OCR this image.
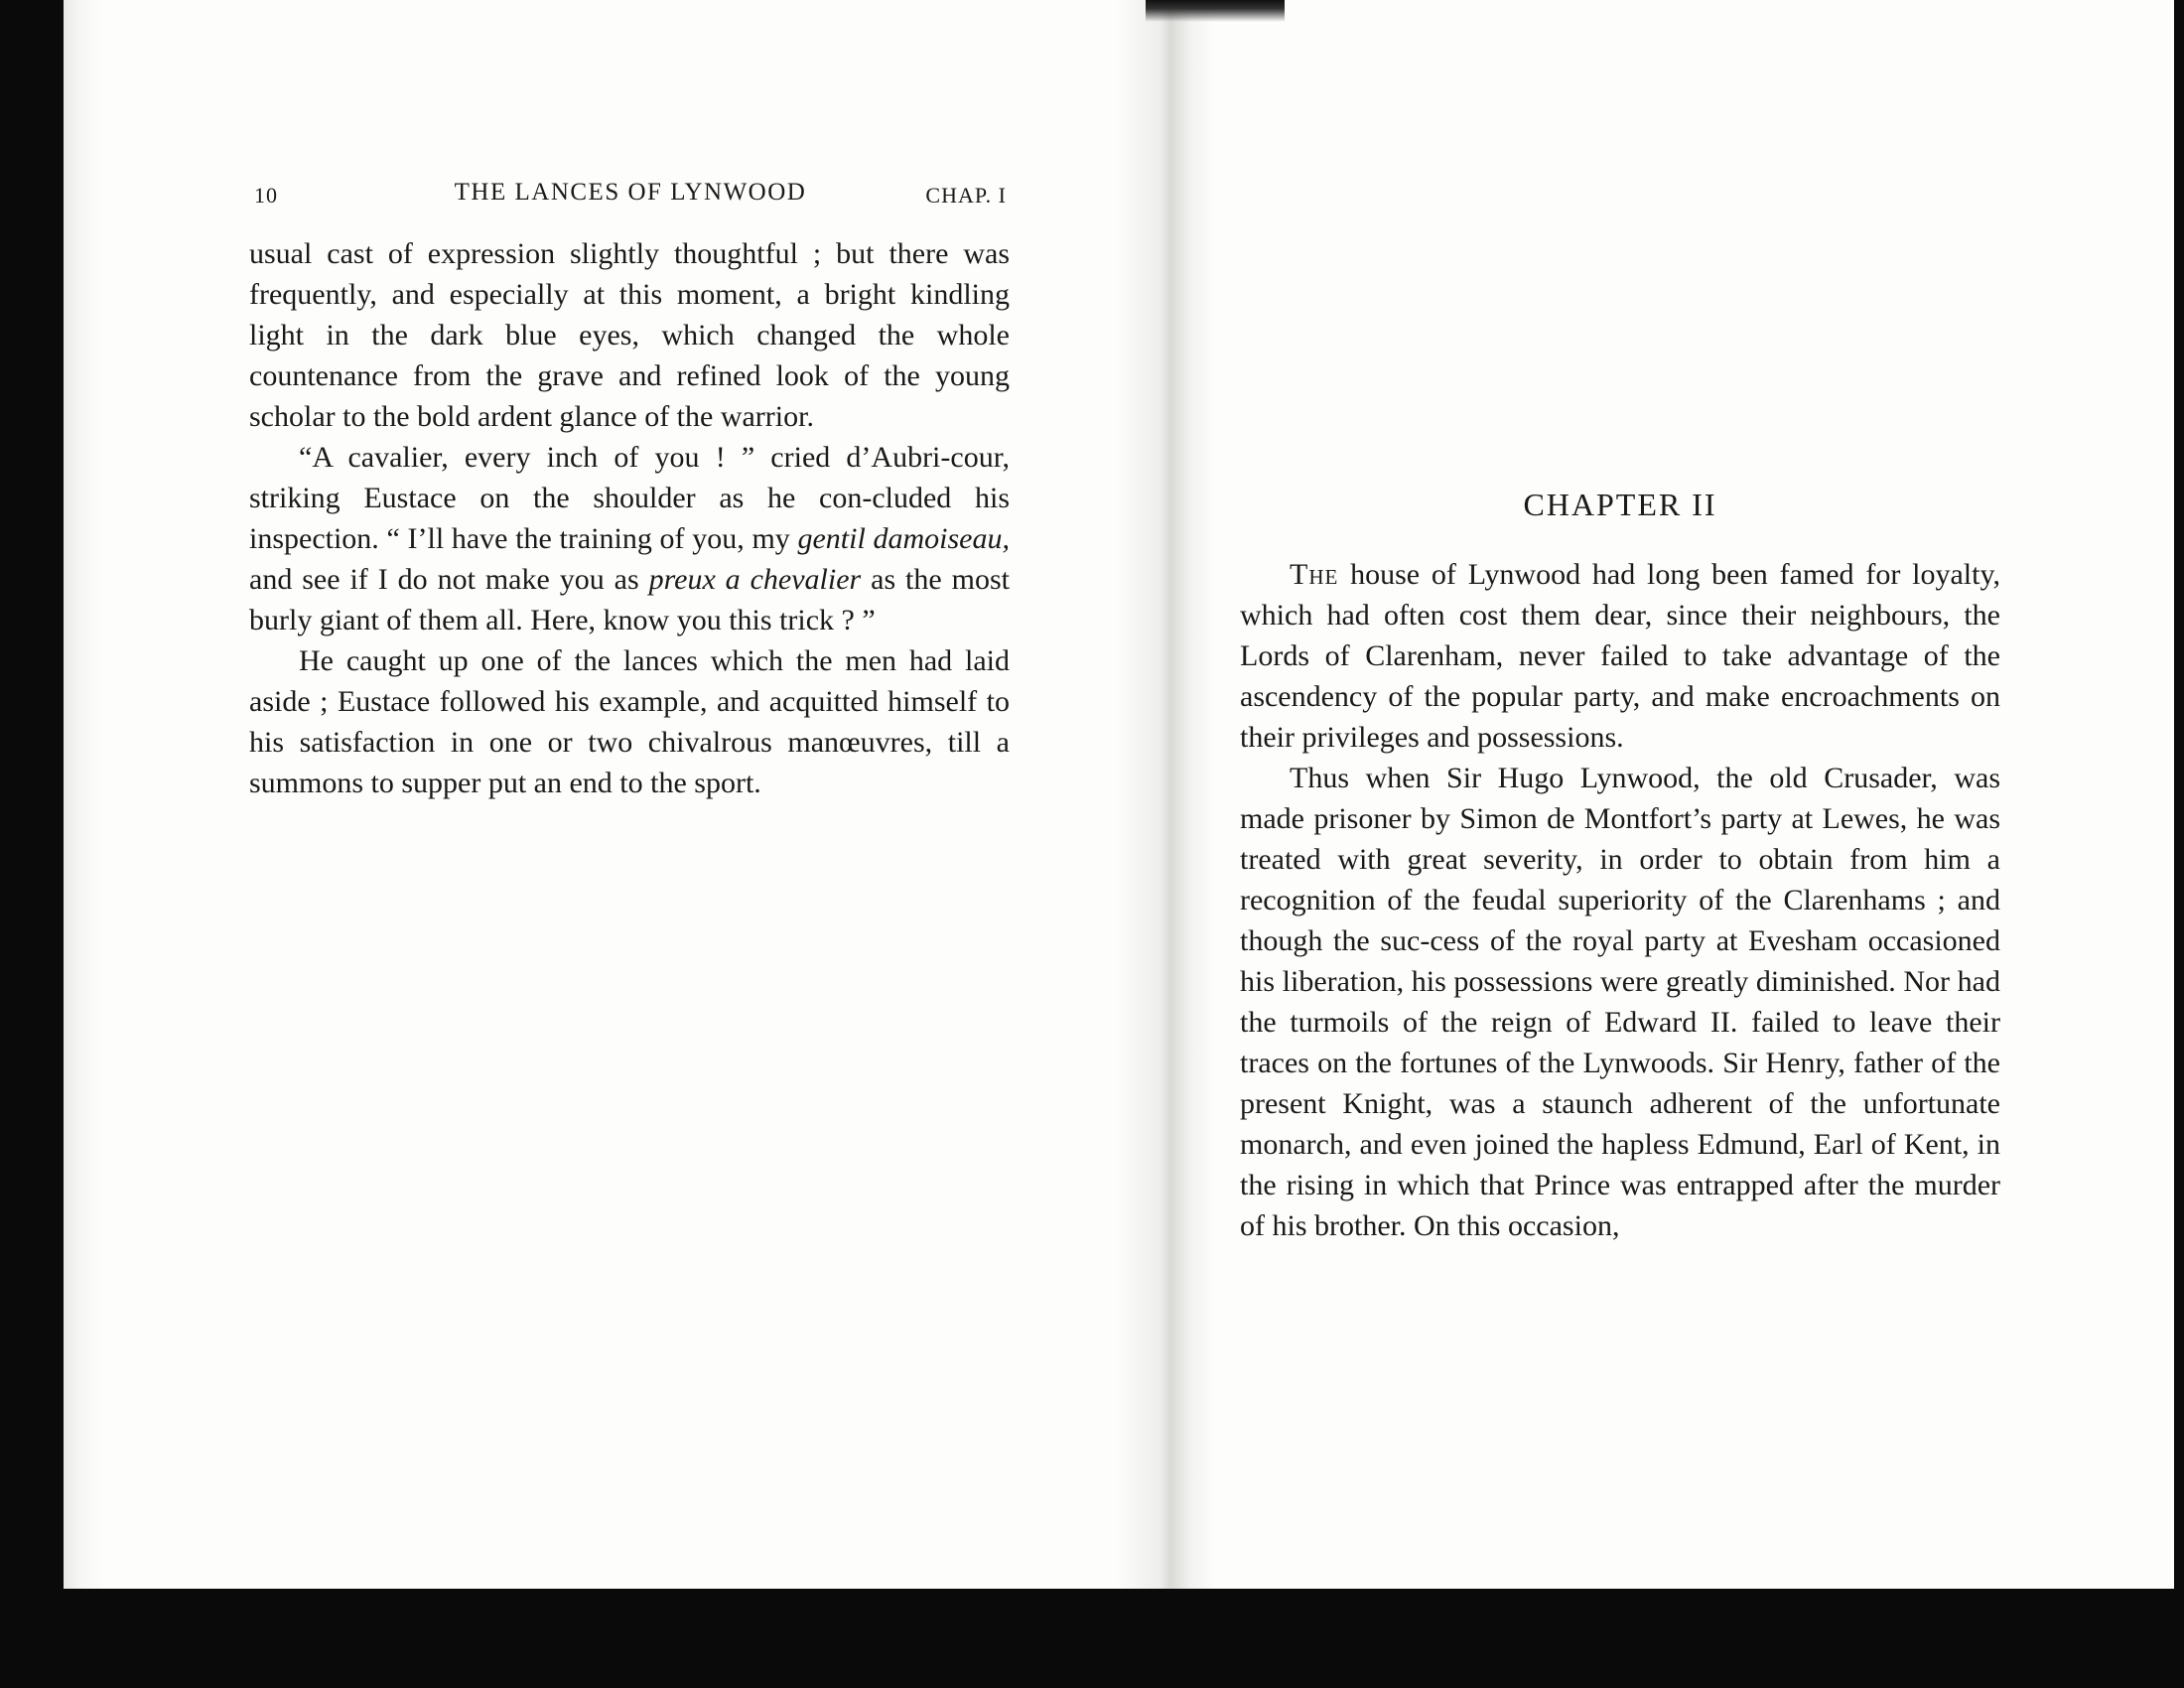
10	THE LANCES OF LYNWOOD	CHAP. I

usual cast of expression slightly thoughtful ; but there was frequently, and especially at this moment, a bright kindling light in the dark blue eyes, which changed the whole countenance from the grave and refined look of the young scholar to the bold ardent glance of the warrior.

“A cavalier, every inch of you ! ” cried d’Aubri-cour, striking Eustace on the shoulder as he con-cluded his inspection. “ I’ll have the training of you, my gentil damoiseau, and see if I do not make you as preux a chevalier as the most burly giant of them all. Here, know you this trick ? ”

He caught up one of the lances which the men had laid aside ; Eustace followed his example, and acquitted himself to his satisfaction in one or two chivalrous manœuvres, till a summons to supper put an end to the sport.

CHAPTER II

The house of Lynwood had long been famed for loyalty, which had often cost them dear, since their neighbours, the Lords of Clarenham, never failed to take advantage of the ascendency of the popular party, and make encroachments on their privileges and possessions.

Thus when Sir Hugo Lynwood, the old Crusader, was made prisoner by Simon de Montfort’s party at Lewes, he was treated with great severity, in order to obtain from him a recognition of the feudal superiority of the Clarenhams ; and though the suc-cess of the royal party at Evesham occasioned his liberation, his possessions were greatly diminished. Nor had the turmoils of the reign of Edward II. failed to leave their traces on the fortunes of the Lynwoods. Sir Henry, father of the present Knight, was a staunch adherent of the unfortunate monarch, and even joined the hapless Edmund, Earl of Kent, in the rising in which that Prince was entrapped after the murder of his brother. On this occasion,
